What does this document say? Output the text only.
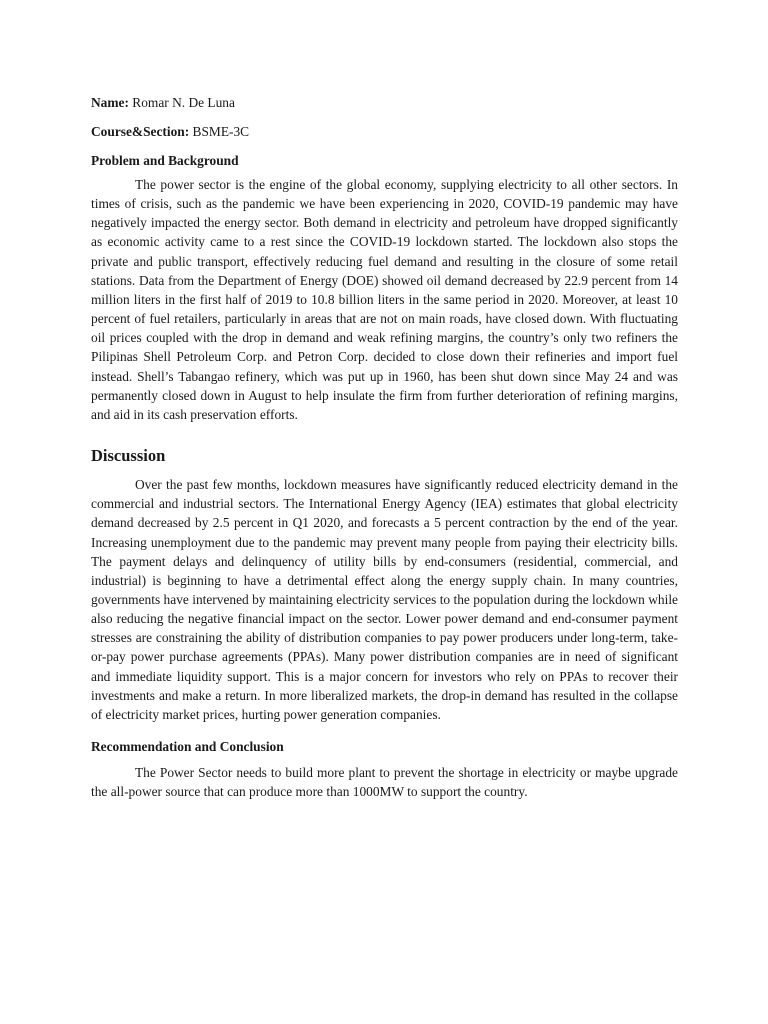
Name: Romar N. De Luna

Course&Section: BSME-3C

Problem and Background

The power sector is the engine of the global economy, supplying electricity to all other sectors. In times of crisis, such as the pandemic we have been experiencing in 2020, COVID-19 pandemic may have negatively impacted the energy sector. Both demand in electricity and petroleum have dropped significantly as economic activity came to a rest since the COVID-19 lockdown started. The lockdown also stops the private and public transport, effectively reducing fuel demand and resulting in the closure of some retail stations. Data from the Department of Energy (DOE) showed oil demand decreased by 22.9 percent from 14 million liters in the first half of 2019 to 10.8 billion liters in the same period in 2020. Moreover, at least 10 percent of fuel retailers, particularly in areas that are not on main roads, have closed down. With fluctuating oil prices coupled with the drop in demand and weak refining margins, the country’s only two refiners the Pilipinas Shell Petroleum Corp. and Petron Corp. decided to close down their refineries and import fuel instead. Shell’s Tabangao refinery, which was put up in 1960, has been shut down since May 24 and was permanently closed down in August to help insulate the firm from further deterioration of refining margins, and aid in its cash preservation efforts.

Discussion

Over the past few months, lockdown measures have significantly reduced electricity demand in the commercial and industrial sectors. The International Energy Agency (IEA) estimates that global electricity demand decreased by 2.5 percent in Q1 2020, and forecasts a 5 percent contraction by the end of the year. Increasing unemployment due to the pandemic may prevent many people from paying their electricity bills. The payment delays and delinquency of utility bills by end-consumers (residential, commercial, and industrial) is beginning to have a detrimental effect along the energy supply chain. In many countries, governments have intervened by maintaining electricity services to the population during the lockdown while also reducing the negative financial impact on the sector. Lower power demand and end-consumer payment stresses are constraining the ability of distribution companies to pay power producers under long-term, take-or-pay power purchase agreements (PPAs). Many power distribution companies are in need of significant and immediate liquidity support. This is a major concern for investors who rely on PPAs to recover their investments and make a return. In more liberalized markets, the drop-in demand has resulted in the collapse of electricity market prices, hurting power generation companies.

Recommendation and Conclusion

The Power Sector needs to build more plant to prevent the shortage in electricity or maybe upgrade the all-power source that can produce more than 1000MW to support the country.
